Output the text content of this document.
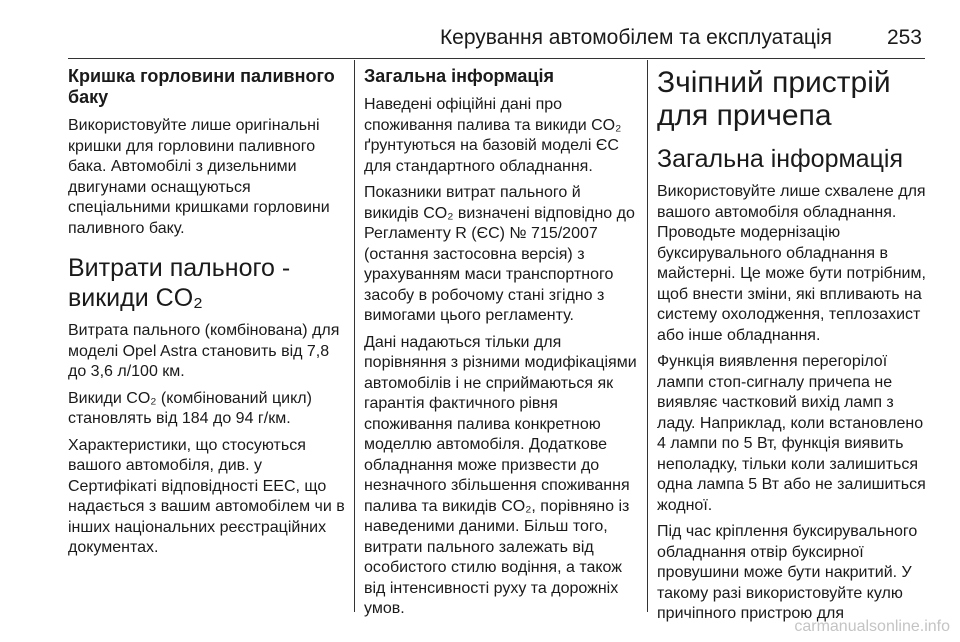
Керування автомобілем та експлуатація	253
Кришка горловини паливного баку

Використовуйте лише оригінальні кришки для горловини паливного бака. Автомобілі з дизельними двигунами оснащуються спеціальними кришками горловини паливного баку.

Витрати пального - викиди CO₂

Витрата пального (комбінована) для моделі Opel Astra становить від 7,8 до 3,6 л/100 км.

Викиди CO₂ (комбінований цикл) становлять від 184 до 94 г/км.

Характеристики, що стосуються вашого автомобіля, див. у Сертифікаті відповідності ЕЕС, що надається з вашим автомобілем чи в інших національних реєстраційних документах.

Загальна інформація

Наведені офіційні дані про споживання палива та викиди CO₂ ґрунтуються на базовій моделі ЄС для стандартного обладнання.

Показники витрат пального й викидів CO₂ визначені відповідно до Регламенту R (ЄС) № 715/2007 (остання застосовна версія) з урахуванням маси транспортного засобу в робочому стані згідно з вимогами цього регламенту.

Дані надаються тільки для порівняння з різними модифікаціями автомобілів і не сприймаються як гарантія фактичного рівня споживання палива конкретною моделлю автомобіля. Додаткове обладнання може призвести до незначного збільшення споживання палива та викидів CO₂, порівняно із наведеними даними. Більш того, витрати пального залежать від особистого стилю водіння, а також від інтенсивності руху та дорожніх умов.

Зчіпний пристрій для причепа
Загальна інформація

Використовуйте лише схвалене для вашого автомобіля обладнання. Проводьте модернізацію буксирувального обладнання в майстерні. Це може бути потрібним, щоб внести зміни, які впливають на систему охолодження, теплозахист або інше обладнання.

Функція виявлення перегорілої лампи стоп-сигналу причепа не виявляє частковий вихід ламп з ладу. Наприклад, коли встановлено 4 лампи по 5 Вт, функція виявить неполадку, тільки коли залишиться одна лампа 5 Вт або не залишиться жодної.

Під час кріплення буксирувального обладнання отвір буксирної провушини може бути накритий. У такому разі використовуйте кулю причіпного пристрою для

carmanualsonline.info
